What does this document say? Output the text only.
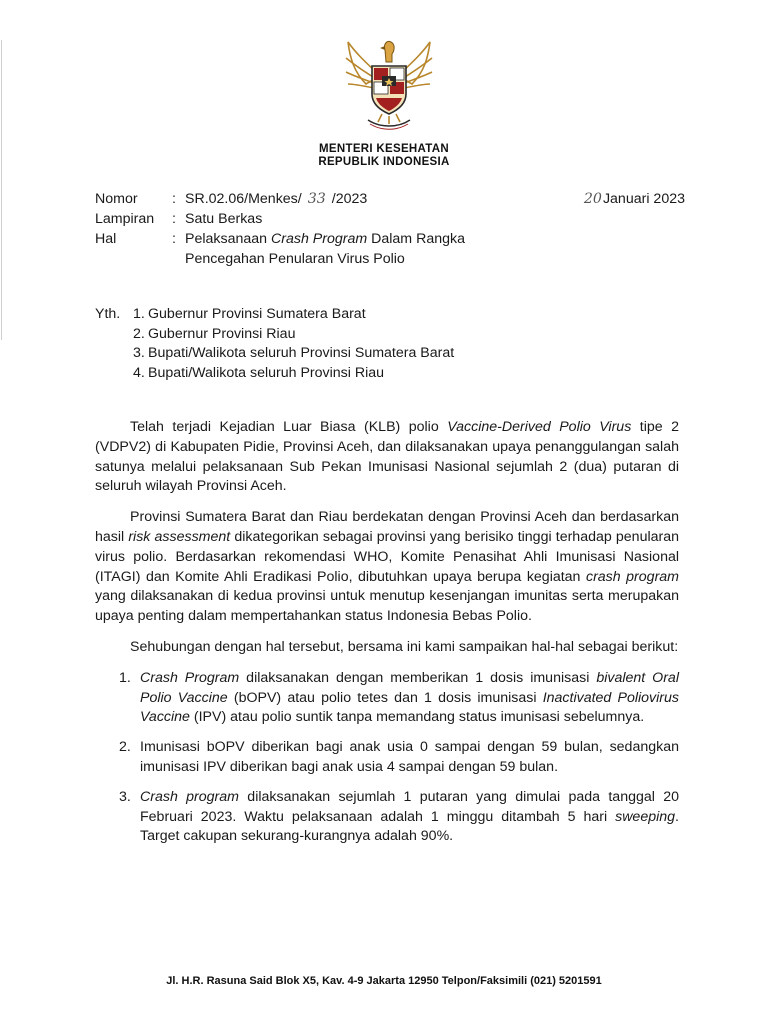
MENTERI KESEHATAN
REPUBLIK INDONESIA
20Januari 2023
Nomor	: SR.02.06/Menkes/ 33 /2023
Lampiran	: Satu Berkas
Hal	: Pelaksanaan Crash Program Dalam Rangka
Pencegahan Penularan Virus Polio
Yth. 1. Gubernur Provinsi Sumatera Barat
2. Gubernur Provinsi Riau
3. Bupati/Walikota seluruh Provinsi Sumatera Barat
4. Bupati/Walikota seluruh Provinsi Riau

Telah terjadi Kejadian Luar Biasa (KLB) polio Vaccine-Derived Polio Virus tipe 2 (VDPV2) di Kabupaten Pidie, Provinsi Aceh, dan dilaksanakan upaya penanggulangan salah satunya melalui pelaksanaan Sub Pekan Imunisasi Nasional sejumlah 2 (dua) putaran di seluruh wilayah Provinsi Aceh.

Provinsi Sumatera Barat dan Riau berdekatan dengan Provinsi Aceh dan berdasarkan hasil risk assessment dikategorikan sebagai provinsi yang berisiko tinggi terhadap penularan virus polio. Berdasarkan rekomendasi WHO, Komite Penasihat Ahli Imunisasi Nasional (ITAGI) dan Komite Ahli Eradikasi Polio, dibutuhkan upaya berupa kegiatan crash program yang dilaksanakan di kedua provinsi untuk menutup kesenjangan imunitas serta merupakan upaya penting dalam mempertahankan status Indonesia Bebas Polio.

Sehubungan dengan hal tersebut, bersama ini kami sampaikan hal-hal sebagai berikut:

1. Crash Program dilaksanakan dengan memberikan 1 dosis imunisasi bivalent Oral Polio Vaccine (bOPV) atau polio tetes dan 1 dosis imunisasi Inactivated Poliovirus Vaccine (IPV) atau polio suntik tanpa memandang status imunisasi sebelumnya.
2. Imunisasi bOPV diberikan bagi anak usia 0 sampai dengan 59 bulan, sedangkan imunisasi IPV diberikan bagi anak usia 4 sampai dengan 59 bulan.
3. Crash program dilaksanakan sejumlah 1 putaran yang dimulai pada tanggal 20 Februari 2023. Waktu pelaksanaan adalah 1 minggu ditambah 5 hari sweeping. Target cakupan sekurang-kurangnya adalah 90%.
Jl. H.R. Rasuna Said Blok X5, Kav. 4-9 Jakarta 12950 Telpon/Faksimili (021) 5201591
